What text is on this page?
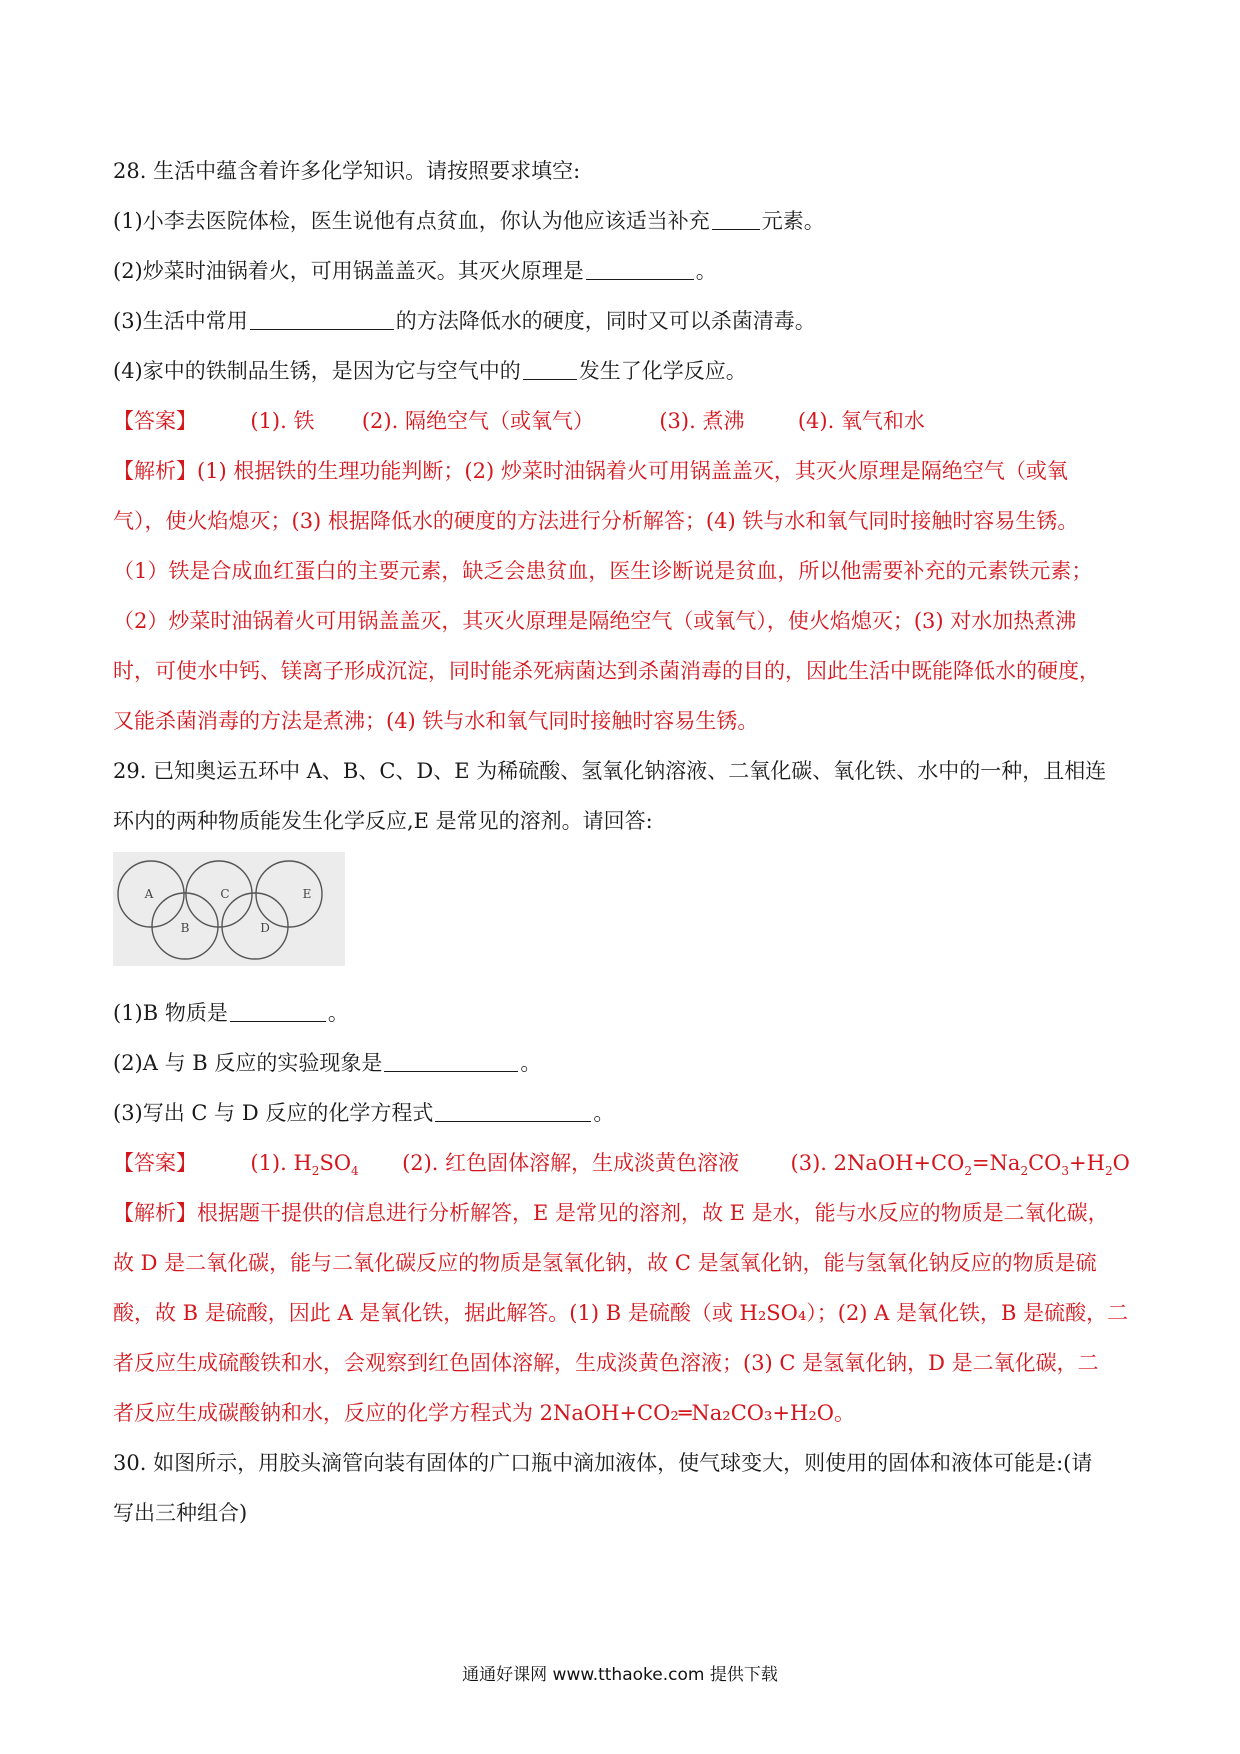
28. 生活中蕴含着许多化学知识。请按照要求填空:
(1)小李去医院体检，医生说他有点贫血，你认为他应该适当补充 元素。
(2)炒菜时油锅着火，可用锅盖盖灭。其灭火原理是	。
(3)生活中常用	的方法降低水的硬度，同时又可以杀菌清毒。
(4)家中的铁制品生锈，是因为它与空气中的	发生了化学反应。
【答案】	(1). 铁 (2). 隔绝空气（或氧气）	(3). 煮沸	(4). 氧气和水
【解析】(1) 根据铁的生理功能判断；(2) 炒菜时油锅着火可用锅盖盖灭，其灭火原理是隔绝空气（或氧
气），使火焰熄灭；(3) 根据降低水的硬度的方法进行分析解答；(4) 铁与水和氧气同时接触时容易生锈。
（1）铁是合成血红蛋白的主要元素，缺乏会患贫血，医生诊断说是贫血，所以他需要补充的元素铁元素；
（2）炒菜时油锅着火可用锅盖盖灭，其灭火原理是隔绝空气（或氧气），使火焰熄灭；(3) 对水加热煮沸
时，可使水中钙、镁离子形成沉淀，同时能杀死病菌达到杀菌消毒的目的，因此生活中既能降低水的硬度，
又能杀菌消毒的方法是煮沸；(4) 铁与水和氧气同时接触时容易生锈。
29. 已知奥运五环中 A、B、C、D、E 为稀硫酸、氢氧化钠溶液、二氧化碳、氧化铁、水中的一种，且相连
环内的两种物质能发生化学反应,E 是常见的溶剂。请回答:
A
B
C
D
E
(1)B 物质是	。
(2)A 与 B 反应的实验现象是	。
(3)写出 C 与 D 反应的化学方程式	。
【答案】	(1). $H_2SO_4$ (2). 红色固体溶解，生成淡黄色溶液 (3). $2NaOH+CO_2=Na_2CO_3+H_2O$
【解析】根据题干提供的信息进行分析解答，E 是常见的溶剂，故 E 是水，能与水反应的物质是二氧化碳，
故 D 是二氧化碳，能与二氧化碳反应的物质是氢氧化钠，故 C 是氢氧化钠，能与氢氧化钠反应的物质是硫
酸，故 B 是硫酸，因此 A 是氧化铁，据此解答。(1) B 是硫酸（或 H₂SO₄）；(2) A 是氧化铁，B 是硫酸，二
者反应生成硫酸铁和水，会观察到红色固体溶解，生成淡黄色溶液；(3) C 是氢氧化钠，D 是二氧化碳，二
者反应生成碳酸钠和水，反应的化学方程式为 2NaOH+CO₂═Na₂CO₃+H₂O。
30. 如图所示，用胶头滴管向装有固体的广口瓶中滴加液体，使气球变大，则使用的固体和液体可能是:(请
写出三种组合)
通通好课网 www.tthaoke.com 提供下载
